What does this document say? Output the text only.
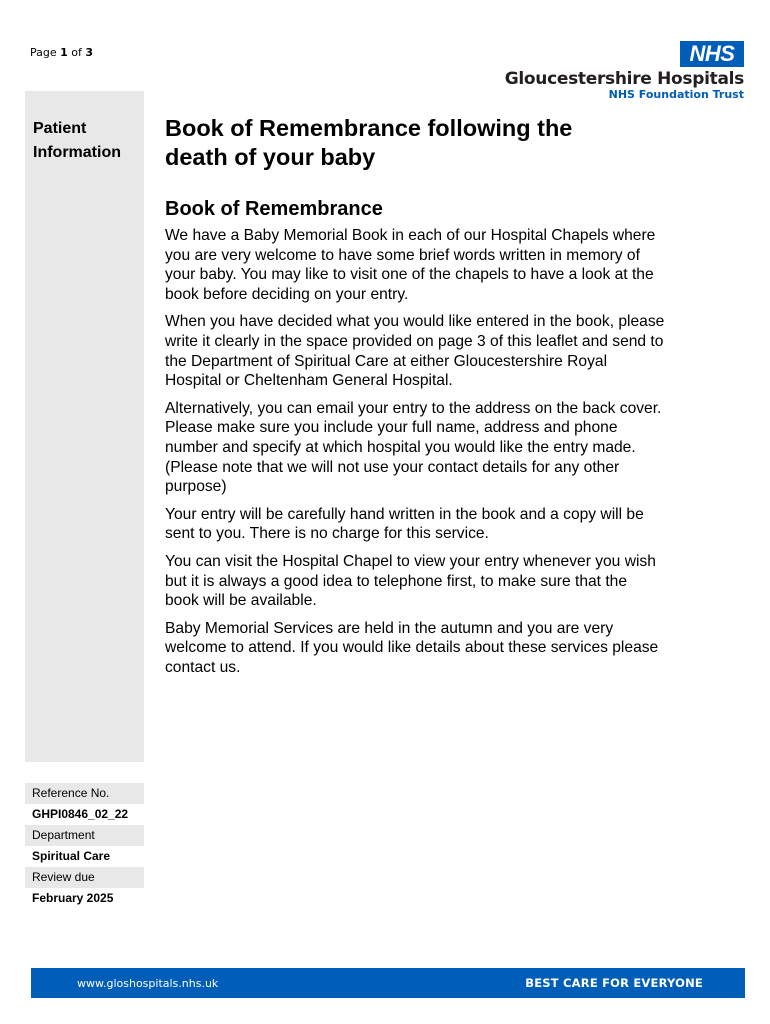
Page 1 of 3	NHS
Gloucestershire Hospitals
NHS Foundation Trust
Patient
Information
Book of Remembrance following the
death of your baby
Book of Remembrance

We have a Baby Memorial Book in each of our Hospital Chapels where you are very welcome to have some brief words written in memory of your baby. You may like to visit one of the chapels to have a look at the book before deciding on your entry.

When you have decided what you would like entered in the book, please write it clearly in the space provided on page 3 of this leaflet and send to the Department of Spiritual Care at either Gloucestershire Royal Hospital or Cheltenham General Hospital.

Alternatively, you can email your entry to the address on the back cover. Please make sure you include your full name, address and phone number and specify at which hospital you would like the entry made. (Please note that we will not use your contact details for any other purpose)

Your entry will be carefully hand written in the book and a copy will be sent to you. There is no charge for this service.

You can visit the Hospital Chapel to view your entry whenever you wish but it is always a good idea to telephone first, to make sure that the book will be available.

Baby Memorial Services are held in the autumn and you are very welcome to attend. If you would like details about these services please contact us.

Reference No.
GHPI0846_02_22
Department
Spiritual Care
Review due
February 2025
www.gloshospitals.nhs.uk	BEST CARE FOR EVERYONE
